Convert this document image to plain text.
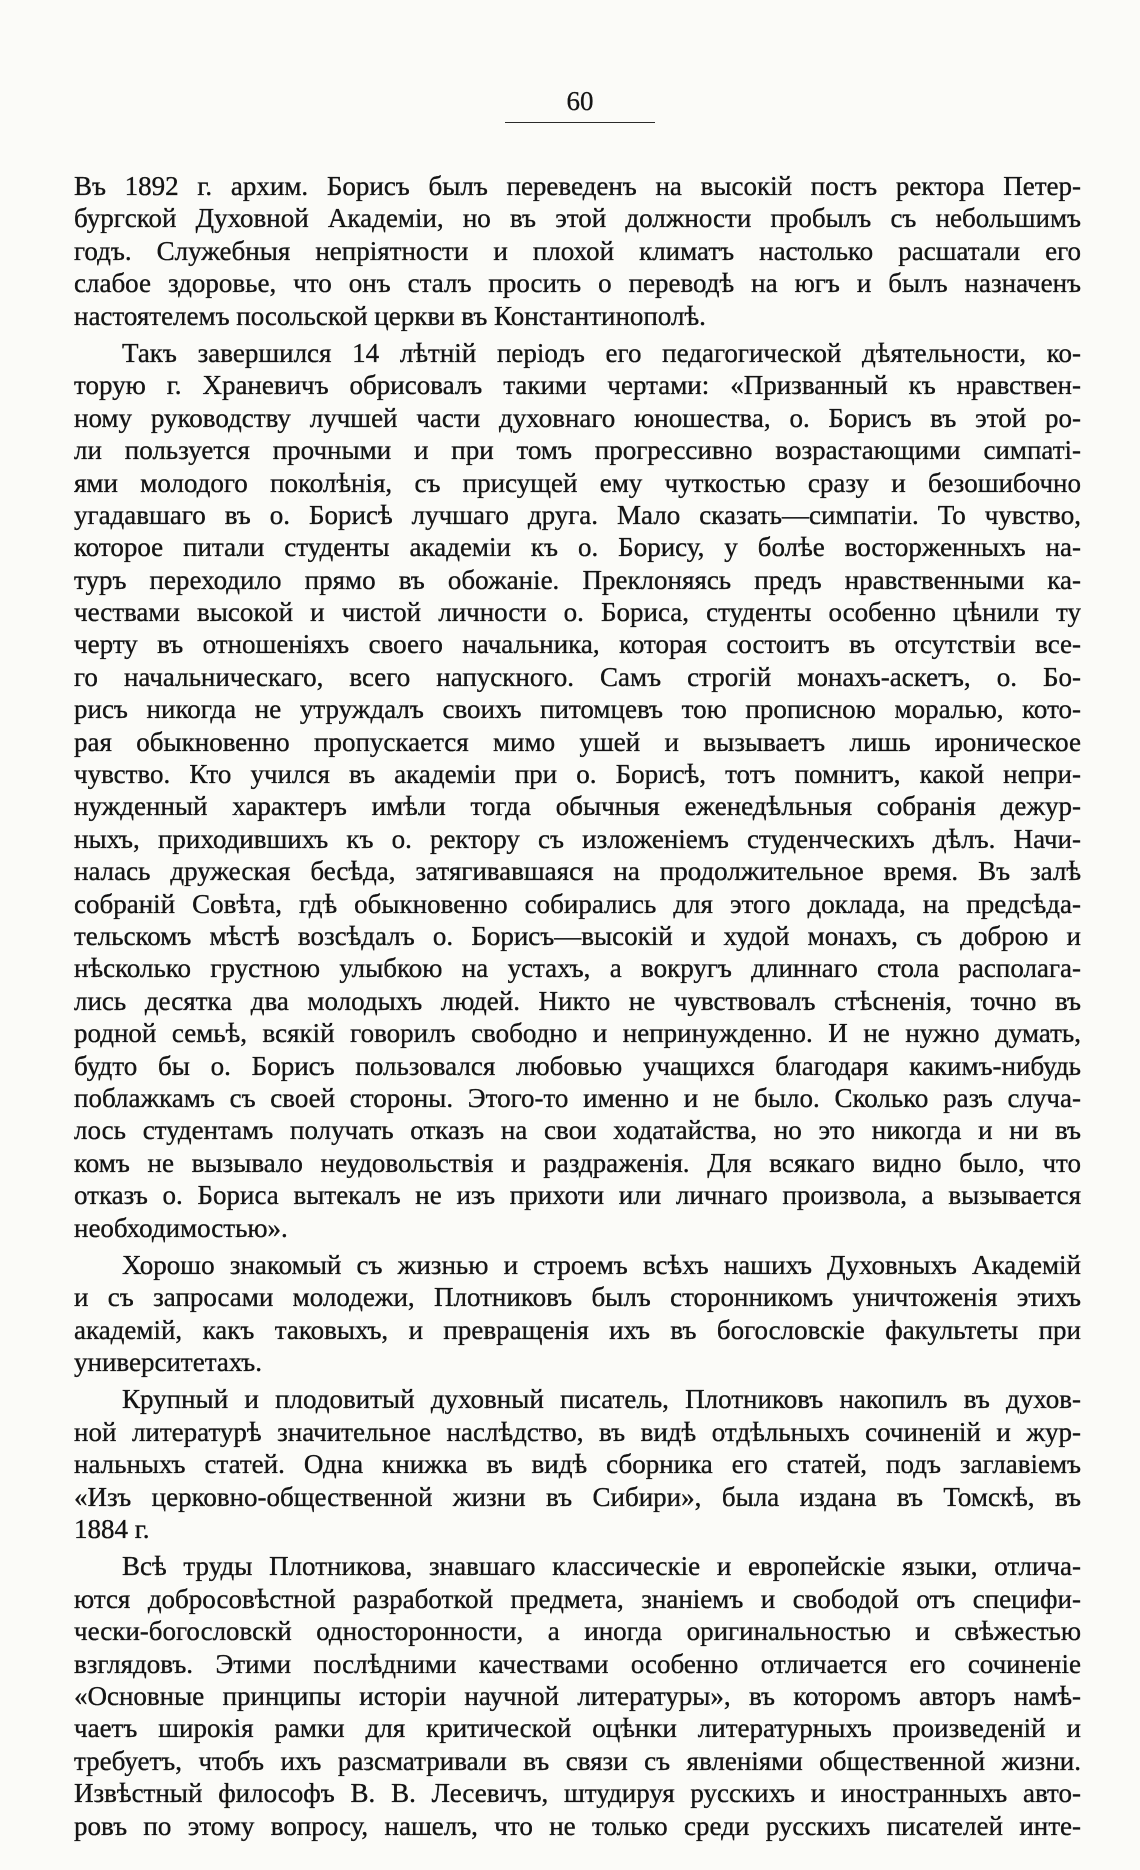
60
Въ 1892 г. архим. Борисъ былъ переведенъ на высокій постъ ректора Петер-
бургской Духовной Академіи, но въ этой должности пробылъ съ небольшимъ
годъ. Служебныя непріятности и плохой климатъ настолько расшатали его
слабое здоровье, что онъ сталъ просить о переводѣ на югъ и былъ назначенъ
настоятелемъ посольской церкви въ Константинополѣ.
Такъ завершился 14 лѣтній періодъ его педагогической дѣятельности, ко-
торую г. Храневичъ обрисовалъ такими чертами: «Призванный къ нравствен-
ному руководству лучшей части духовнаго юношества, о. Борисъ въ этой ро-
ли пользуется прочными и при томъ прогрессивно возрастающими симпаті-
ями молодого поколѣнія, съ присущей ему чуткостью сразу и безошибочно
угадавшаго въ о. Борисѣ лучшаго друга. Мало сказать—симпатіи. То чувство,
которое питали студенты академіи къ о. Борису, у болѣе восторженныхъ на-
туръ переходило прямо въ обожаніе. Преклоняясь предъ нравственными ка-
чествами высокой и чистой личности о. Бориса, студенты особенно цѣнили ту
черту въ отношеніяхъ своего начальника, которая состоитъ въ отсутствіи все-
го начальническаго, всего напускного. Самъ строгій монахъ-аскетъ, о. Бо-
рисъ никогда не утруждалъ своихъ питомцевъ тою прописною моралью, кото-
рая обыкновенно пропускается мимо ушей и вызываетъ лишь ироническое
чувство. Кто учился въ академіи при о. Борисѣ, тотъ помнитъ, какой непри-
нужденный характеръ имѣли тогда обычныя еженедѣльныя собранія дежур-
ныхъ, приходившихъ къ о. ректору съ изложеніемъ студенческихъ дѣлъ. Начи-
налась дружеская бесѣда, затягивавшаяся на продолжительное время. Въ залѣ
собраній Совѣта, гдѣ обыкновенно собирались для этого доклада, на предсѣда-
тельскомъ мѣстѣ возсѣдалъ о. Борисъ—высокій и худой монахъ, съ доброю и
нѣсколько грустною улыбкою на устахъ, а вокругъ длиннаго стола располага-
лись десятка два молодыхъ людей. Никто не чувствовалъ стѣсненія, точно въ
родной семьѣ, всякій говорилъ свободно и непринужденно. И не нужно думать,
будто бы о. Борисъ пользовался любовью учащихся благодаря какимъ-нибудь
поблажкамъ съ своей стороны. Этого-то именно и не было. Сколько разъ случа-
лось студентамъ получать отказъ на свои ходатайства, но это никогда и ни въ
комъ не вызывало неудовольствія и раздраженія. Для всякаго видно было, что
отказъ о. Бориса вытекалъ не изъ прихоти или личнаго произвола, а вызывается
необходимостью».
Хорошо знакомый съ жизнью и строемъ всѣхъ нашихъ Духовныхъ Академій
и съ запросами молодежи, Плотниковъ былъ сторонникомъ уничтоженія этихъ
академій, какъ таковыхъ, и превращенія ихъ въ богословскіе факультеты при
университетахъ.
Крупный и плодовитый духовный писатель, Плотниковъ накопилъ въ духов-
ной литературѣ значительное наслѣдство, въ видѣ отдѣльныхъ сочиненій и жур-
нальныхъ статей. Одна книжка въ видѣ сборника его статей, подъ заглавіемъ
«Изъ церковно-общественной жизни въ Сибири», была издана въ Томскѣ, въ
1884 г.
Всѣ труды Плотникова, знавшаго классическіе и европейскіе языки, отлича-
ются добросовѣстной разработкой предмета, знаніемъ и свободой отъ специфи-
чески-богословскй односторонности, а иногда оригинальностью и свѣжестью
взглядовъ. Этими послѣдними качествами особенно отличается его сочиненіе
«Основные принципы исторіи научной литературы», въ которомъ авторъ намѣ-
чаетъ широкія рамки для критической оцѣнки литературныхъ произведеній и
требуетъ, чтобъ ихъ разсматривали въ связи съ явленіями общественной жизни.
Извѣстный философъ В. В. Лесевичъ, штудируя русскихъ и иностранныхъ авто-
ровъ по этому вопросу, нашелъ, что не только среди русскихъ писателей инте-
